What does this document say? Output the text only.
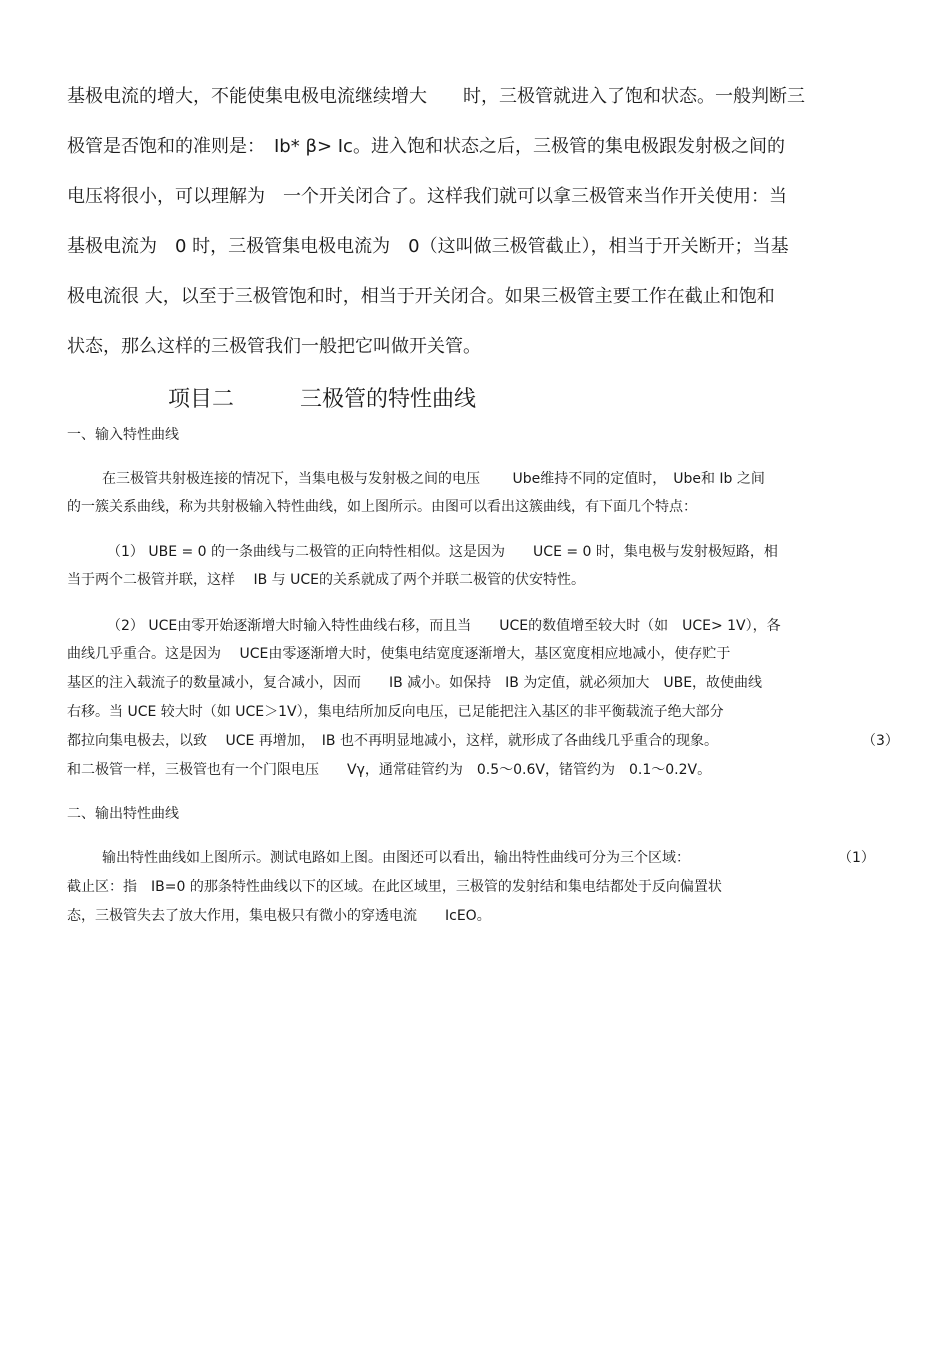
基极电流的增大，不能使集电极电流继续增大　　时，三极管就进入了饱和状态。一般判断三

极管是否饱和的准则是：　Ib* β> Ic。进入饱和状态之后，三极管的集电极跟发射极之间的

电压将很小，可以理解为　一个开关闭合了。这样我们就可以拿三极管来当作开关使用：当

基极电流为　0 时，三极管集电极电流为　0（这叫做三极管截止），相当于开关断开；当基

极电流很 大，以至于三极管饱和时，相当于开关闭合。如果三极管主要工作在截止和饱和

状态，那么这样的三极管我们一般把它叫做开关管。

项目二　　　三极管的特性曲线

一、输入特性曲线

在三极管共射极连接的情况下，当集电极与发射极之间的电压　　 Ube维持不同的定值时，　Ube和 Ib 之间

的一簇关系曲线，称为共射极输入特性曲线，如上图所示。由图可以看出这簇曲线，有下面几个特点：

（1） UBE = 0 的一条曲线与二极管的正向特性相似。这是因为　　UCE = 0 时，集电极与发射极短路，相

当于两个二极管并联，这样　 IB 与 UCE的关系就成了两个并联二极管的伏安特性。

（2） UCE由零开始逐渐增大时输入特性曲线右移，而且当　　UCE的数值增至较大时（如　UCE> 1V），各

曲线几乎重合。这是因为　 UCE由零逐渐增大时，使集电结宽度逐渐增大，基区宽度相应地减小，使存贮于

基区的注入载流子的数量减小，复合减小，因而　　IB 减小。如保持　IB 为定值，就必须加大　UBE，故使曲线

右移。当 UCE 较大时（如 UCE＞1V），集电结所加反向电压，已足能把注入基区的非平衡载流子绝大部分

都拉向集电极去，以致　 UCE 再增加，　IB 也不再明显地减小，这样，就形成了各曲线几乎重合的现象。	（3）

和二极管一样，三极管也有一个门限电压　　Vγ，通常硅管约为　0.5～0.6V，锗管约为　0.1～0.2V。

二、输出特性曲线

输出特性曲线如上图所示。测试电路如上图。由图还可以看出，输出特性曲线可分为三个区域：	（1）

截止区：指　IB=0 的那条特性曲线以下的区域。在此区域里，三极管的发射结和集电结都处于反向偏置状

态，三极管失去了放大作用，集电极只有微小的穿透电流　　IcEO。
